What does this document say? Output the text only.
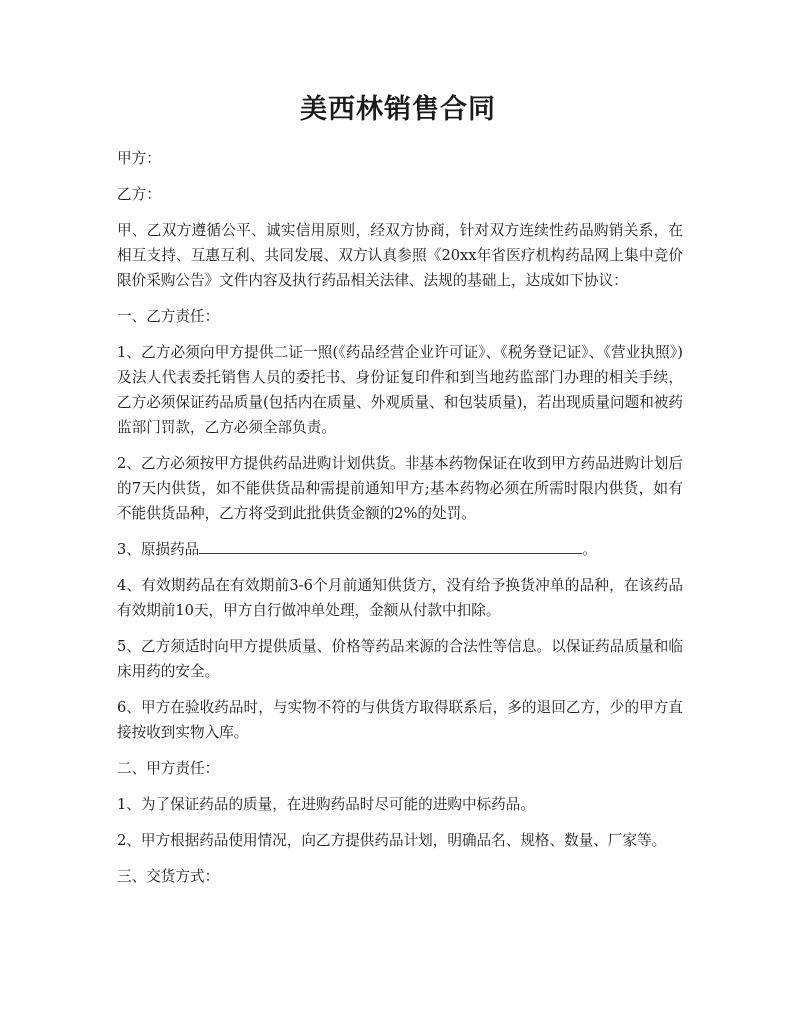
美西林销售合同

甲方：

乙方：

甲、乙双方遵循公平、诚实信用原则，经双方协商，针对双方连续性药品购销关系，在相互支持、互惠互利、共同发展、双方认真参照《20xx年省医疗机构药品网上集中竞价限价采购公告》文件内容及执行药品相关法律、法规的基础上，达成如下协议：

一、乙方责任：

1、乙方必须向甲方提供二证一照(《药品经营企业许可证》、《税务登记证》、《营业执照》)及法人代表委托销售人员的委托书、身份证复印件和到当地药监部门办理的相关手续，乙方必须保证药品质量(包括内在质量、外观质量、和包装质量)，若出现质量问题和被药监部门罚款，乙方必须全部负责。

2、乙方必须按甲方提供药品进购计划供货。非基本药物保证在收到甲方药品进购计划后的7天内供货，如不能供货品种需提前通知甲方;基本药物必须在所需时限内供货，如有不能供货品种，乙方将受到此批供货金额的2%的处罚。

3、原损药品	。

4、有效期药品在有效期前3-6个月前通知供货方，没有给予换货冲单的品种，在该药品有效期前10天，甲方自行做冲单处理，金额从付款中扣除。

5、乙方须适时向甲方提供质量、价格等药品来源的合法性等信息。以保证药品质量和临床用药的安全。

6、甲方在验收药品时，与实物不符的与供货方取得联系后，多的退回乙方，少的甲方直接按收到实物入库。

二、甲方责任：

1、为了保证药品的质量，在进购药品时尽可能的进购中标药品。

2、甲方根据药品使用情况，向乙方提供药品计划，明确品名、规格、数量、厂家等。

三、交货方式：
